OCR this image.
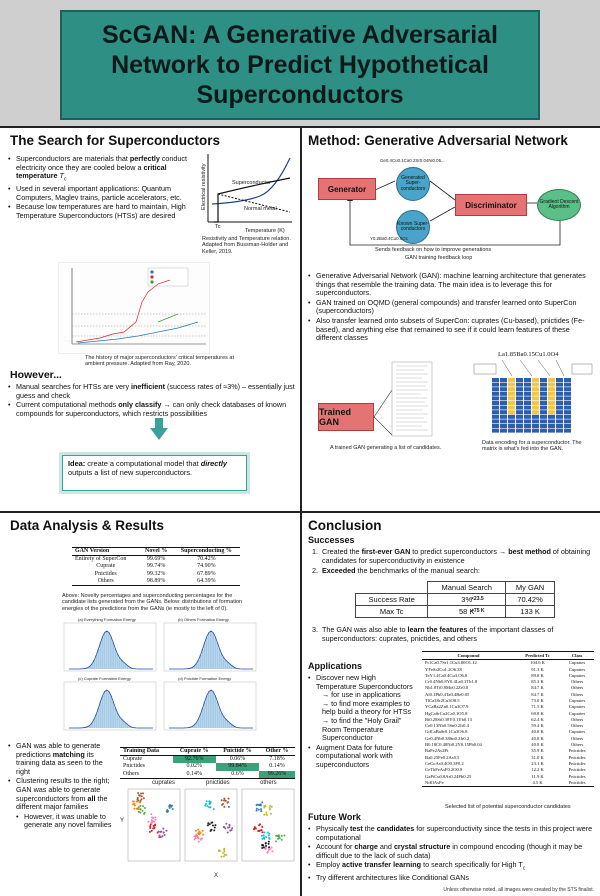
ScGAN: A Generative Adversarial Network to Predict Hypothetical Superconductors
The Search for Superconductors
• Superconductors are materials that perfectly conduct electricity once they are cooled below a critical temperature $T_c$
• Used in several important applications: Quantum Computers, Maglev trains, particle accelerators, etc.
• Because low temperatures are hard to maintain, High Temperature Superconductors (HTSs) are desired
Electrical resistivity	Superconductor
Normal metal
Tc
Temperature (K)
Resistivity and Temperature relation. Adapted from Bussman-Holder and Keller, 2019.
The history of major superconductors' critical temperatures at ambient pressure. Adapted from Ray, 2020.
However...
• Manual searches for HTSs are very inefficient (success rates of ≈3%) – essentially just guess and check
• Current computational methods only classify → can only check databases of known compounds for superconductors, which restricts possibilities
Idea: create a computational model that directly outputs a list of new superconductors.
Method: Generative Adversarial Network
Generator
Generated Super-conductors
Known Super-conductors
Discriminator	Gradient Descent Algorithm
Ge0.4Cu0.1Ca0.2Sr0.04Ni0.05...
Y0.2Ba0.4Cu0.5O1
Sends feedback on how to improve generations
GAN training feedback loop
• Generative Adversarial Network (GAN): machine learning architecture that generates things that resemble the training data. The main idea is to leverage this for superconductors.
• GAN trained on OQMD (general compounds) and transfer learned onto SuperCon (superconductors)
• Also transfer learned onto subsets of SuperCon: cuprates (Cu-based), pnictides (Fe-based), and anything else that remained to see if it could learn features of these different classes
Trained GAN
A trained GAN generating a list of candidates.
La1.85Ba0.15Cu1.0O4
Data encoding for a superconductor. The matrix is what's fed into the GAN.
Data Analysis & Results
GAN Version	Novel %	Superconducting %
Entirety of SuperCon	99.69%	70.42%
Cuprate	99.74%	74.90%
Pnictides	99.32%	67.89%
Others	98.89%	64.39%
Above: Novelty percentages and superconducting percentages for the candidate lists generated from the GANs. Below: distributions of formation energies of the predictions from the GANs (ie mostly to the left of 0).
(a) Everything Formation Energy	(b) Others Formation Energy
(c) Cuprate Formation Energy	(d) Pnictide Formation Energy
• GAN was able to generate predictions matching its training data as seen to the right
• Clustering results to the right; GAN was able to generate superconductors from all the different major families
• However, it was unable to generate any novel families
Training Data	Cuprate %	Pnictide %	Other %
Cuprate	92.76%	0.06%	7.18%
Pnictides	0.02%	99.84%	0.14%
Others	0.14%	0.6%	99.26%
cuprates	pnictides	others
Y
X
Conclusion
Successes
1. Created the first-ever GAN to predict superconductors → best method of obtaining candidates for superconductivity in existence
2. Exceeded the benchmarks of the manual search:
	Manual Search	My GAN
Success Rate	3%	70.42%
Max Tc	58 K	133 K
×23.5
+75 K
3. The GAN was also able to learn the features of the important classes of superconductors: cuprates, pnictides, and others
Applications
• Discover new High Temperature Superconductors
→ for use in applications
→ to find more examples to help build a theory for HTSs
→ to find the "Holy Grail" Room Temperature Superconductor
• Augment Data for future computational work with superconductors
Compound	Predicted Tc	Class
Pr1Ca0.7Sr1.1Cu3.00O1.12	104.6 K	Cuprates
YFeSr2Cu1.2O6.38	91.3 K	Cuprates
TeY1.4Ca0.4Cu3.O6.8	89.8 K	Cuprates
Cr0.4Nb0.8Y0.4La0.1Tb1.8	85.3 K	Others
Nb1.8Ti0.8Mo0.2Zr0.8	84.7 K	Others
Al0.1Pb0.4Ta0.4Re0.05	84.7 K	Others
TlCa3Sr2Cu3O8.5	73.0 K	Cuprates
YCaBa2Zn0.1Cu3O7.9	71.5 K	Cuprates
HgCaSrCu2Ca0.1O5.8	69.8 K	Cuprates
Bi0.28Si0.38Y0.1Yb0.13	62.4 K	Others
Ce0.13Nb0.5Sn0.2Ir0.4	59.4 K	Others
GdCaBaSr0.1Cu3O6.8	40.8 K	Cuprates
Ge0.4Nb0.38Sn0.2Ir0.2	40.8 K	Others
B0.18C0.48Ni0.2Y0.15Pb0.04	40.8 K	Others
BaFe2As2Pt	35.9 K	Pnictides
Ba0.25Fe0.2As0.5	31.0 K	Pnictides
CeCoAs0.4O0.3F0.2	23.1 K	Pnictides
CeThFeAsF0.2O0.8	12.2 K	Pnictides
GaPtCu0.8As0.24Pb0.25	11.9 K	Pnictides
NdOAsFe	4.5 K	Pnictides
Selected list of potential superconductor candidates
Future Work
• Physically test the candidates for superconductivity since the tests in this project were computational
• Account for charge and crystal structure in compound encoding (though it may be difficult due to the lack of such data)
• Employ active transfer learning to search specifically for High $T_c$
• Try different architectures like Conditional GANs
Unless otherwise noted, all images were created by the STS finalist.
